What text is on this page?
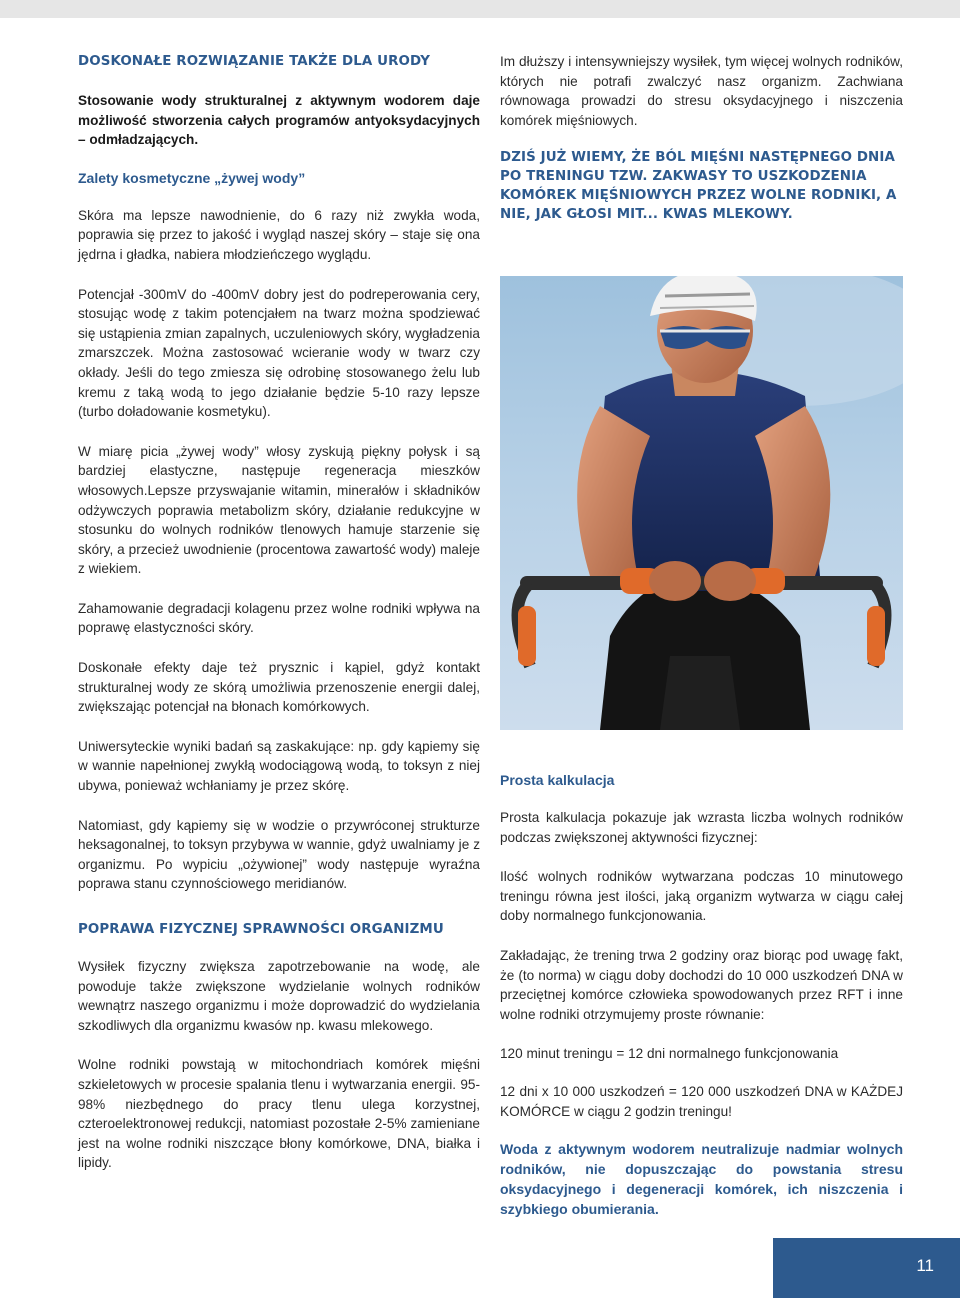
DOSKONAŁE ROZWIĄZANIE TAKŻE DLA URODY

Stosowanie wody strukturalnej z aktywnym wodorem daje możliwość stworzenia całych programów antyoksydacyjnych – odmładzających.

Zalety kosmetyczne „żywej wody”

Skóra ma lepsze nawodnienie, do 6 razy niż zwykła woda, poprawia się przez to jakość i wygląd naszej skóry – staje się ona jędrna i gładka, nabiera młodzieńczego wyglądu.

Potencjał -300mV do -400mV dobry jest do podreperowania cery, stosując wodę z takim potencjałem na twarz można spodziewać się ustąpienia zmian zapalnych, uczuleniowych skóry, wygładzenia zmarszczek. Można zastosować wcieranie wody w twarz czy okłady. Jeśli do tego zmiesza się odrobinę stosowanego żelu lub kremu z taką wodą to jego działanie będzie 5-10 razy lepsze (turbo doładowanie kosmetyku).

W miarę picia „żywej wody” włosy zyskują piękny połysk i są bardziej elastyczne, następuje regeneracja mieszków włosowych.Lepsze przyswajanie witamin, minerałów i składników odżywczych poprawia metabolizm skóry, działanie redukcyjne w stosunku do wolnych rodników tlenowych hamuje starzenie się skóry, a przecież uwodnienie (procentowa zawartość wody) maleje z wiekiem.

Zahamowanie degradacji kolagenu przez wolne rodniki wpływa na poprawę elastyczności skóry.

Doskonałe efekty daje też prysznic i kąpiel, gdyż kontakt strukturalnej wody ze skórą umożliwia przenoszenie energii dalej, zwiększając potencjał na błonach komórkowych.

Uniwersyteckie wyniki badań są zaskakujące: np. gdy kąpiemy się w wannie napełnionej zwykłą wodociągową wodą, to toksyn z niej ubywa, ponieważ wchłaniamy je przez skórę.

Natomiast, gdy kąpiemy się w wodzie o przywróconej strukturze heksagonalnej, to toksyn przybywa w wannie, gdyż uwalniamy je z organizmu. Po wypiciu „ożywionej” wody następuje wyraźna poprawa stanu czynnościowego meridianów.

POPRAWA FIZYCZNEJ SPRAWNOŚCI ORGANIZMU

Wysiłek fizyczny zwiększa zapotrzebowanie na wodę, ale powoduje także zwiększone wydzielanie wolnych rodników wewnątrz naszego organizmu i może doprowadzić do wydzielania szkodliwych dla organizmu kwasów np. kwasu mlekowego.

Wolne rodniki powstają w mitochondriach komórek mięśni szkieletowych w procesie spalania tlenu i wytwarzania energii. 95-98% niezbędnego do pracy tlenu ulega korzystnej, czteroelektronowej redukcji, natomiast pozostałe 2-5% zamieniane jest na wolne rodniki niszczące błony komórkowe, DNA, białka i lipidy.

Im dłuższy i intensywniejszy wysiłek, tym więcej wolnych rodników, których nie potrafi zwalczyć nasz organizm. Zachwiana równowaga prowadzi do stresu oksydacyjnego i niszczenia komórek mięśniowych.

DZIŚ JUŻ WIEMY, ŻE BÓL MIĘŚNI NASTĘPNEGO DNIA PO TRENINGU TZW. ZAKWASY TO USZKODZENIA KOMÓREK MIĘŚNIOWYCH PRZEZ WOLNE RODNIKI, A NIE, JAK GŁOSI MIT... KWAS MLEKOWY.
Prosta kalkulacja

Prosta kalkulacja pokazuje jak wzrasta liczba wolnych rodników podczas zwiększonej aktywności fizycznej:

Ilość wolnych rodników wytwarzana podczas 10 minutowego treningu równa jest ilości, jaką organizm wytwarza w ciągu całej doby normalnego funkcjonowania.

Zakładając, że trening trwa 2 godziny oraz biorąc pod uwagę fakt, że (to norma) w ciągu doby dochodzi do 10 000 uszkodzeń DNA w przeciętnej komórce człowieka spowodowanych przez RFT i inne wolne rodniki otrzymujemy proste równanie:

120 minut treningu = 12 dni normalnego funkcjonowania

12 dni x 10 000 uszkodzeń = 120 000 uszkodzeń DNA w KAŻDEJ KOMÓRCE w ciągu 2 godzin treningu!

Woda z aktywnym wodorem neutralizuje nadmiar wolnych rodników, nie dopuszczając do powstania stresu oksydacyjnego i degeneracji komórek, ich niszczenia i szybkiego obumierania.

11
